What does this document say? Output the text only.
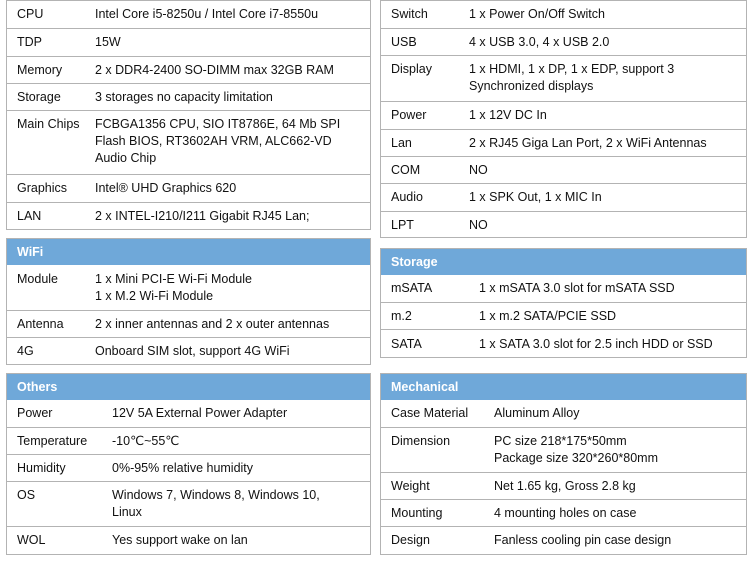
CPU	Intel Core i5-8250u / Intel Core i7-8550u
TDP	15W
Memory	2 x DDR4-2400 SO-DIMM max 32GB RAM
Storage	3 storages no capacity limitation
Main Chips	FCBGA1356 CPU, SIO IT8786E, 64 Mb SPI Flash BIOS, RT3602AH VRM, ALC662-VD Audio Chip
Graphics	Intel® UHD Graphics 620
LAN	2 x INTEL-I210/I211 Gigabit RJ45 Lan;
Switch	1 x Power On/Off Switch
USB	4 x USB 3.0, 4 x USB 2.0
Display	1 x HDMI, 1 x DP, 1 x EDP, support 3 Synchronized displays
Power	1 x 12V DC In
Lan	2 x RJ45 Giga Lan Port, 2 x WiFi Antennas
COM	NO
Audio	1 x SPK Out, 1 x MIC In
LPT	NO
WiFi
Module	1 x Mini PCI-E Wi-Fi Module
1 x M.2 Wi-Fi Module
Antenna	2 x inner antennas and 2 x outer antennas
4G	Onboard SIM slot, support 4G WiFi
Storage
mSATA	1 x mSATA 3.0 slot for mSATA SSD
m.2	1 x m.2 SATA/PCIE SSD
SATA	1 x SATA 3.0 slot for 2.5 inch HDD or SSD
Others
Power	12V 5A External Power Adapter
Temperature	-10℃~55℃
Humidity	0%-95% relative humidity
OS	Windows 7, Windows 8, Windows 10, Linux
WOL	Yes support wake on lan
Mechanical
Case Material	Aluminum Alloy
Dimension	PC size 218*175*50mm
Package size 320*260*80mm
Weight	Net 1.65 kg, Gross 2.8 kg
Mounting	4 mounting holes on case
Design	Fanless cooling pin case design
